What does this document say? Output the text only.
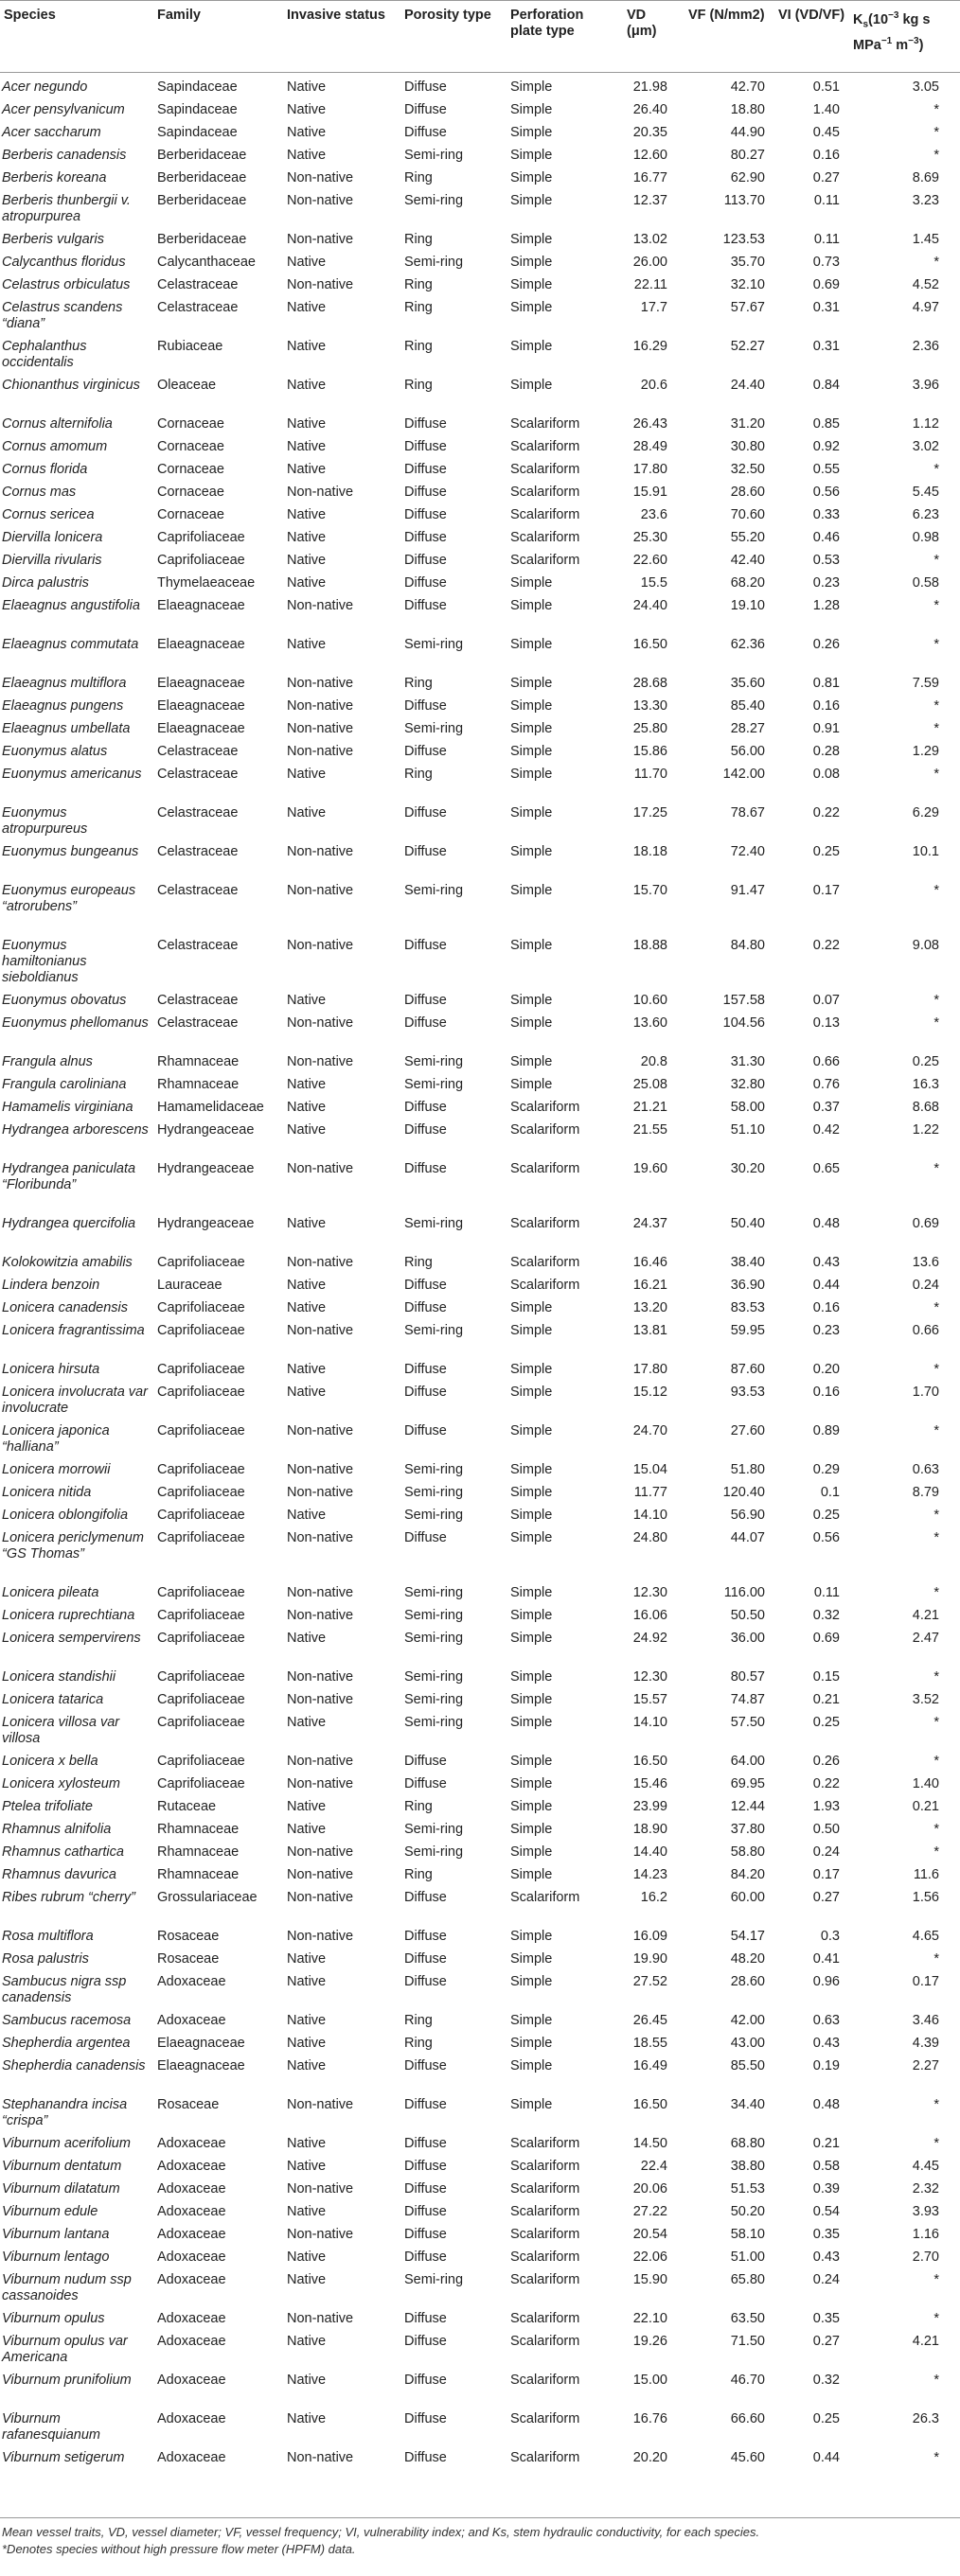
Species	Family	Invasive status	Porosity type	Perforation plate type	VD (μm)	VF (N/mm2)	VI (VD/VF)	$K_s(10^{-3}$ kg s MPa$^{-1}$ $m^{-3}$)
Acer negundo	Sapindaceae	Native	Diffuse	Simple	21.98	42.70	0.51	3.05
Acer pensylvanicum	Sapindaceae	Native	Diffuse	Simple	26.40	18.80	1.40	*
Acer saccharum	Sapindaceae	Native	Diffuse	Simple	20.35	44.90	0.45	*
Berberis canadensis	Berberidaceae	Native	Semi-ring	Simple	12.60	80.27	0.16	*
Berberis koreana	Berberidaceae	Non-native	Ring	Simple	16.77	62.90	0.27	8.69
Berberis thunbergii v. atropurpurea	Berberidaceae	Non-native	Semi-ring	Simple	12.37	113.70	0.11	3.23
Berberis vulgaris	Berberidaceae	Non-native	Ring	Simple	13.02	123.53	0.11	1.45
Calycanthus floridus	Calycanthaceae	Native	Semi-ring	Simple	26.00	35.70	0.73	*
Celastrus orbiculatus	Celastraceae	Non-native	Ring	Simple	22.11	32.10	0.69	4.52
Celastrus scandens “diana”	Celastraceae	Native	Ring	Simple	17.7	57.67	0.31	4.97
Cephalanthus occidentalis	Rubiaceae	Native	Ring	Simple	16.29	52.27	0.31	2.36
Chionanthus virginicus	Oleaceae	Native	Ring	Simple	20.6	24.40	0.84	3.96
Cornus alternifolia	Cornaceae	Native	Diffuse	Scalariform	26.43	31.20	0.85	1.12
Cornus amomum	Cornaceae	Native	Diffuse	Scalariform	28.49	30.80	0.92	3.02
Cornus florida	Cornaceae	Native	Diffuse	Scalariform	17.80	32.50	0.55	*
Cornus mas	Cornaceae	Non-native	Diffuse	Scalariform	15.91	28.60	0.56	5.45
Cornus sericea	Cornaceae	Native	Diffuse	Scalariform	23.6	70.60	0.33	6.23
Diervilla lonicera	Caprifoliaceae	Native	Diffuse	Scalariform	25.30	55.20	0.46	0.98
Diervilla rivularis	Caprifoliaceae	Native	Diffuse	Scalariform	22.60	42.40	0.53	*
Dirca palustris	Thymelaeaceae	Native	Diffuse	Simple	15.5	68.20	0.23	0.58
Elaeagnus angustifolia	Elaeagnaceae	Non-native	Diffuse	Simple	24.40	19.10	1.28	*
Elaeagnus commutata	Elaeagnaceae	Native	Semi-ring	Simple	16.50	62.36	0.26	*
Elaeagnus multiflora	Elaeagnaceae	Non-native	Ring	Simple	28.68	35.60	0.81	7.59
Elaeagnus pungens	Elaeagnaceae	Non-native	Diffuse	Simple	13.30	85.40	0.16	*
Elaeagnus umbellata	Elaeagnaceae	Non-native	Semi-ring	Simple	25.80	28.27	0.91	*
Euonymus alatus	Celastraceae	Non-native	Diffuse	Simple	15.86	56.00	0.28	1.29
Euonymus americanus	Celastraceae	Native	Ring	Simple	11.70	142.00	0.08	*
Euonymus atropurpureus	Celastraceae	Native	Diffuse	Simple	17.25	78.67	0.22	6.29
Euonymus bungeanus	Celastraceae	Non-native	Diffuse	Simple	18.18	72.40	0.25	10.1
Euonymus europeaus “atrorubens”	Celastraceae	Non-native	Semi-ring	Simple	15.70	91.47	0.17	*
Euonymus hamiltonianus sieboldianus	Celastraceae	Non-native	Diffuse	Simple	18.88	84.80	0.22	9.08
Euonymus obovatus	Celastraceae	Native	Diffuse	Simple	10.60	157.58	0.07	*
Euonymus phellomanus	Celastraceae	Non-native	Diffuse	Simple	13.60	104.56	0.13	*
Frangula alnus	Rhamnaceae	Non-native	Semi-ring	Simple	20.8	31.30	0.66	0.25
Frangula caroliniana	Rhamnaceae	Native	Semi-ring	Simple	25.08	32.80	0.76	16.3
Hamamelis virginiana	Hamamelidaceae	Native	Diffuse	Scalariform	21.21	58.00	0.37	8.68
Hydrangea arborescens	Hydrangeaceae	Native	Diffuse	Scalariform	21.55	51.10	0.42	1.22
Hydrangea paniculata “Floribunda”	Hydrangeaceae	Non-native	Diffuse	Scalariform	19.60	30.20	0.65	*
Hydrangea quercifolia	Hydrangeaceae	Native	Semi-ring	Scalariform	24.37	50.40	0.48	0.69
Kolokowitzia amabilis	Caprifoliaceae	Non-native	Ring	Scalariform	16.46	38.40	0.43	13.6
Lindera benzoin	Lauraceae	Native	Diffuse	Scalariform	16.21	36.90	0.44	0.24
Lonicera canadensis	Caprifoliaceae	Native	Diffuse	Simple	13.20	83.53	0.16	*
Lonicera fragrantissima	Caprifoliaceae	Non-native	Semi-ring	Simple	13.81	59.95	0.23	0.66
Lonicera hirsuta	Caprifoliaceae	Native	Diffuse	Simple	17.80	87.60	0.20	*
Lonicera involucrata var involucrate	Caprifoliaceae	Native	Diffuse	Simple	15.12	93.53	0.16	1.70
Lonicera japonica “halliana”	Caprifoliaceae	Non-native	Diffuse	Simple	24.70	27.60	0.89	*
Lonicera morrowii	Caprifoliaceae	Non-native	Semi-ring	Simple	15.04	51.80	0.29	0.63
Lonicera nitida	Caprifoliaceae	Non-native	Semi-ring	Simple	11.77	120.40	0.1	8.79
Lonicera oblongifolia	Caprifoliaceae	Native	Semi-ring	Simple	14.10	56.90	0.25	*
Lonicera periclymenum “GS Thomas”	Caprifoliaceae	Non-native	Diffuse	Simple	24.80	44.07	0.56	*
Lonicera pileata	Caprifoliaceae	Non-native	Semi-ring	Simple	12.30	116.00	0.11	*
Lonicera ruprechtiana	Caprifoliaceae	Non-native	Semi-ring	Simple	16.06	50.50	0.32	4.21
Lonicera sempervirens	Caprifoliaceae	Native	Semi-ring	Simple	24.92	36.00	0.69	2.47
Lonicera standishii	Caprifoliaceae	Non-native	Semi-ring	Simple	12.30	80.57	0.15	*
Lonicera tatarica	Caprifoliaceae	Non-native	Semi-ring	Simple	15.57	74.87	0.21	3.52
Lonicera villosa var villosa	Caprifoliaceae	Native	Semi-ring	Simple	14.10	57.50	0.25	*
Lonicera x bella	Caprifoliaceae	Non-native	Diffuse	Simple	16.50	64.00	0.26	*
Lonicera xylosteum	Caprifoliaceae	Non-native	Diffuse	Simple	15.46	69.95	0.22	1.40
Ptelea trifoliate	Rutaceae	Native	Ring	Simple	23.99	12.44	1.93	0.21
Rhamnus alnifolia	Rhamnaceae	Native	Semi-ring	Simple	18.90	37.80	0.50	*
Rhamnus cathartica	Rhamnaceae	Non-native	Semi-ring	Simple	14.40	58.80	0.24	*
Rhamnus davurica	Rhamnaceae	Non-native	Ring	Simple	14.23	84.20	0.17	11.6
Ribes rubrum “cherry”	Grossulariaceae	Non-native	Diffuse	Scalariform	16.2	60.00	0.27	1.56
Rosa multiflora	Rosaceae	Non-native	Diffuse	Simple	16.09	54.17	0.3	4.65
Rosa palustris	Rosaceae	Native	Diffuse	Simple	19.90	48.20	0.41	*
Sambucus nigra ssp canadensis	Adoxaceae	Native	Diffuse	Simple	27.52	28.60	0.96	0.17
Sambucus racemosa	Adoxaceae	Native	Ring	Simple	26.45	42.00	0.63	3.46
Shepherdia argentea	Elaeagnaceae	Native	Ring	Simple	18.55	43.00	0.43	4.39
Shepherdia canadensis	Elaeagnaceae	Native	Diffuse	Simple	16.49	85.50	0.19	2.27
Stephanandra incisa “crispa”	Rosaceae	Non-native	Diffuse	Simple	16.50	34.40	0.48	*
Viburnum acerifolium	Adoxaceae	Native	Diffuse	Scalariform	14.50	68.80	0.21	*
Viburnum dentatum	Adoxaceae	Native	Diffuse	Scalariform	22.4	38.80	0.58	4.45
Viburnum dilatatum	Adoxaceae	Non-native	Diffuse	Scalariform	20.06	51.53	0.39	2.32
Viburnum edule	Adoxaceae	Native	Diffuse	Scalariform	27.22	50.20	0.54	3.93
Viburnum lantana	Adoxaceae	Non-native	Diffuse	Scalariform	20.54	58.10	0.35	1.16
Viburnum lentago	Adoxaceae	Native	Diffuse	Scalariform	22.06	51.00	0.43	2.70
Viburnum nudum ssp cassanoides	Adoxaceae	Native	Semi-ring	Scalariform	15.90	65.80	0.24	*
Viburnum opulus	Adoxaceae	Non-native	Diffuse	Scalariform	22.10	63.50	0.35	*
Viburnum opulus var Americana	Adoxaceae	Native	Diffuse	Scalariform	19.26	71.50	0.27	4.21
Viburnum prunifolium	Adoxaceae	Native	Diffuse	Scalariform	15.00	46.70	0.32	*
Viburnum rafanesquianum	Adoxaceae	Native	Diffuse	Scalariform	16.76	66.60	0.25	26.3
Viburnum setigerum	Adoxaceae	Non-native	Diffuse	Scalariform	20.20	45.60	0.44	*
Mean vessel traits, VD, vessel diameter; VF, vessel frequency; VI, vulnerability index; and Ks, stem hydraulic conductivity, for each species.
*Denotes species without high pressure flow meter (HPFM) data.
